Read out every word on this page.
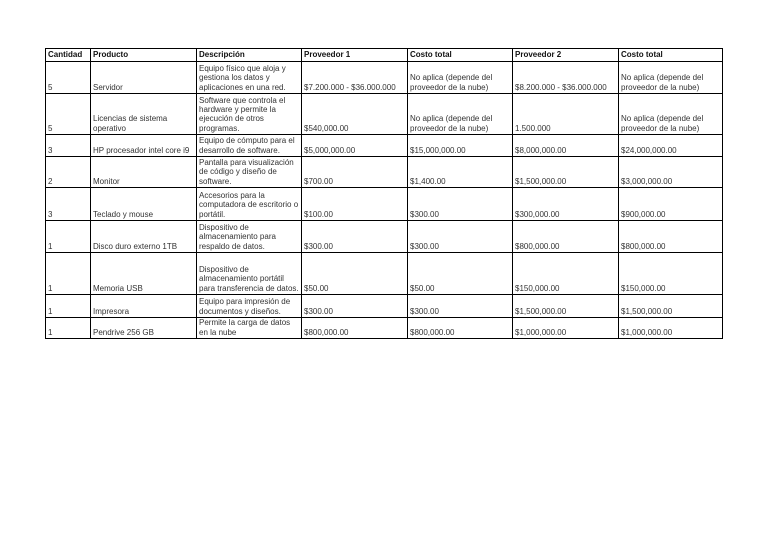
Cantidad	Producto	Descripción	Proveedor 1	Costo total	Proveedor 2	Costo total
5	Servidor	Equipo físico que aloja y gestiona los datos y aplicaciones en una red.	$7.200.000 - $36.000.000	No aplica (depende del proveedor de la nube)	$8.200.000 - $36.000.000	No aplica (depende del proveedor de la nube)
5	Licencias de sistema operativo	Software que controla el hardware y permite la ejecución de otros programas.	$540,000.00	No aplica (depende del proveedor de la nube)	1.500.000	No aplica (depende del proveedor de la nube)
3	HP procesador intel core i9	Equipo de cómputo para el desarrollo de software.	$5,000,000.00	$15,000,000.00	$8,000,000.00	$24,000,000.00
2	Monitor	Pantalla para visualización de código y diseño de software.	$700.00	$1,400.00	$1,500,000.00	$3,000,000.00
3	Teclado y mouse	Accesorios para la computadora de escritorio o portátil.	$100.00	$300.00	$300,000.00	$900,000.00
1	Disco duro externo 1TB	Dispositivo de almacenamiento para respaldo de datos.	$300.00	$300.00	$800,000.00	$800,000.00
1	Memoria USB	Dispositivo de almacenamiento portátil para transferencia de datos.	$50.00	$50.00	$150,000.00	$150,000.00
1	Impresora	Equipo para impresión de documentos y diseños.	$300.00	$300.00	$1,500,000.00	$1,500,000.00
1	Pendrive 256 GB	Permite la carga de datos en la nube	$800,000.00	$800,000.00	$1,000,000.00	$1,000,000.00
